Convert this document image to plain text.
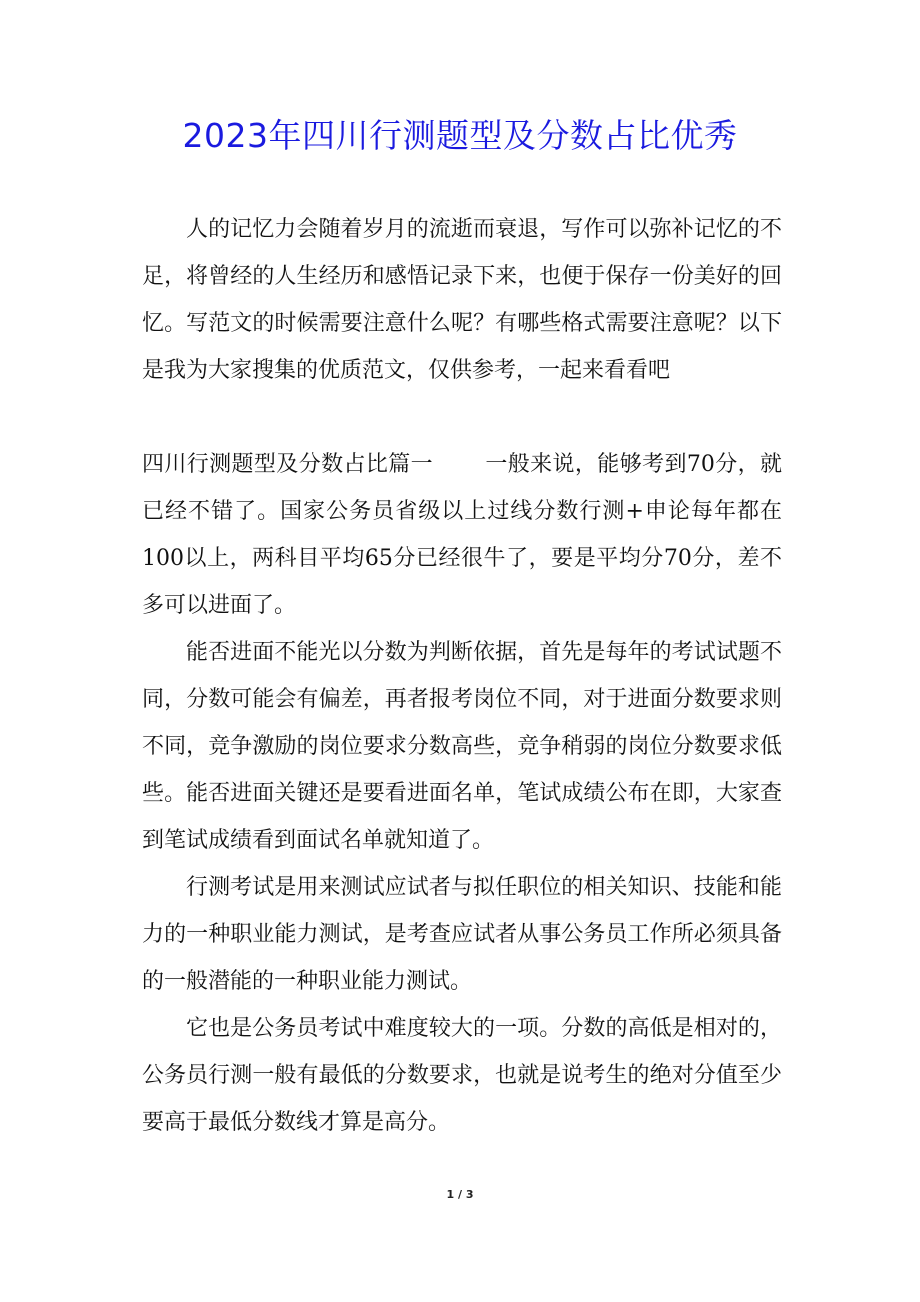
2023年四川行测题型及分数占比优秀

人的记忆力会随着岁月的流逝而衰退，写作可以弥补记忆的不足，将曾经的人生经历和感悟记录下来，也便于保存一份美好的回忆。写范文的时候需要注意什么呢？有哪些格式需要注意呢？以下是我为大家搜集的优质范文，仅供参考，一起来看看吧

四川行测题型及分数占比篇一 一般来说，能够考到70分，就已经不错了。国家公务员省级以上过线分数行测+申论每年都在100以上，两科目平均65分已经很牛了，要是平均分70分，差不多可以进面了。

能否进面不能光以分数为判断依据，首先是每年的考试试题不同，分数可能会有偏差，再者报考岗位不同，对于进面分数要求则不同，竞争激励的岗位要求分数高些，竞争稍弱的岗位分数要求低些。能否进面关键还是要看进面名单，笔试成绩公布在即，大家查到笔试成绩看到面试名单就知道了。

行测考试是用来测试应试者与拟任职位的相关知识、技能和能力的一种职业能力测试，是考查应试者从事公务员工作所必须具备的一般潜能的一种职业能力测试。

它也是公务员考试中难度较大的一项。分数的高低是相对的，公务员行测一般有最低的分数要求，也就是说考生的绝对分值至少要高于最低分数线才算是高分。

1 / 3
